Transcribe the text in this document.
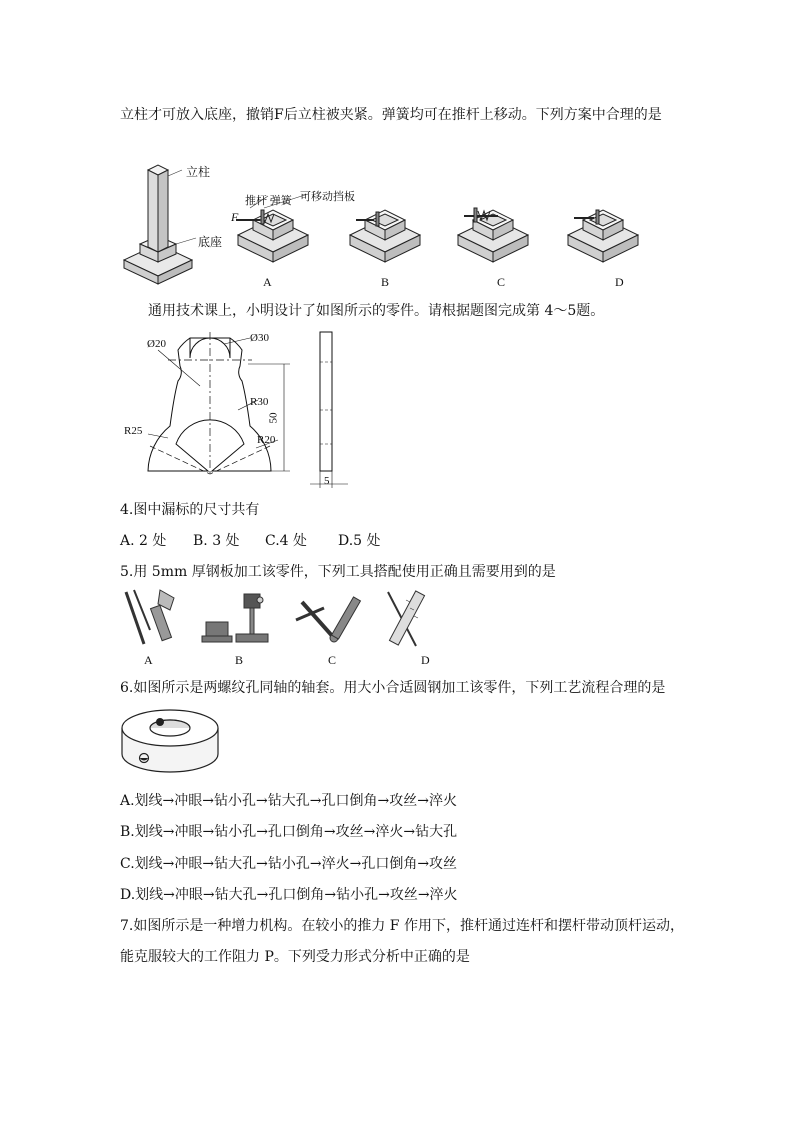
立柱才可放入底座，撤销F后立柱被夹紧。弹簧均可在推杆上移动。下列方案中合理的是
立柱
底座
推杆 弹簧 可移动挡板
F
A	B	C	D
通用技术课上，小明设计了如图所示的零件。请根据题图完成第 4～5题。
Ø20	Ø30
R30
R25
R20
50
5
4.图中漏标的尺寸共有
A. 2 处 B. 3 处 C.4 处 D.5 处
5.用 5mm 厚钢板加工该零件，下列工具搭配使用正确且需要用到的是
A	B	C	D
6.如图所示是两螺纹孔同轴的轴套。用大小合适圆钢加工该零件，下列工艺流程合理的是
A.划线→冲眼→钻小孔→钻大孔→孔口倒角→攻丝→淬火
B.划线→冲眼→钻小孔→孔口倒角→攻丝→淬火→钻大孔
C.划线→冲眼→钻大孔→钻小孔→淬火→孔口倒角→攻丝
D.划线→冲眼→钻大孔→孔口倒角→钻小孔→攻丝→淬火
7.如图所示是一种增力机构。在较小的推力 F 作用下，推杆通过连杆和摆杆带动顶杆运动，
能克服较大的工作阻力 P。下列受力形式分析中正确的是
